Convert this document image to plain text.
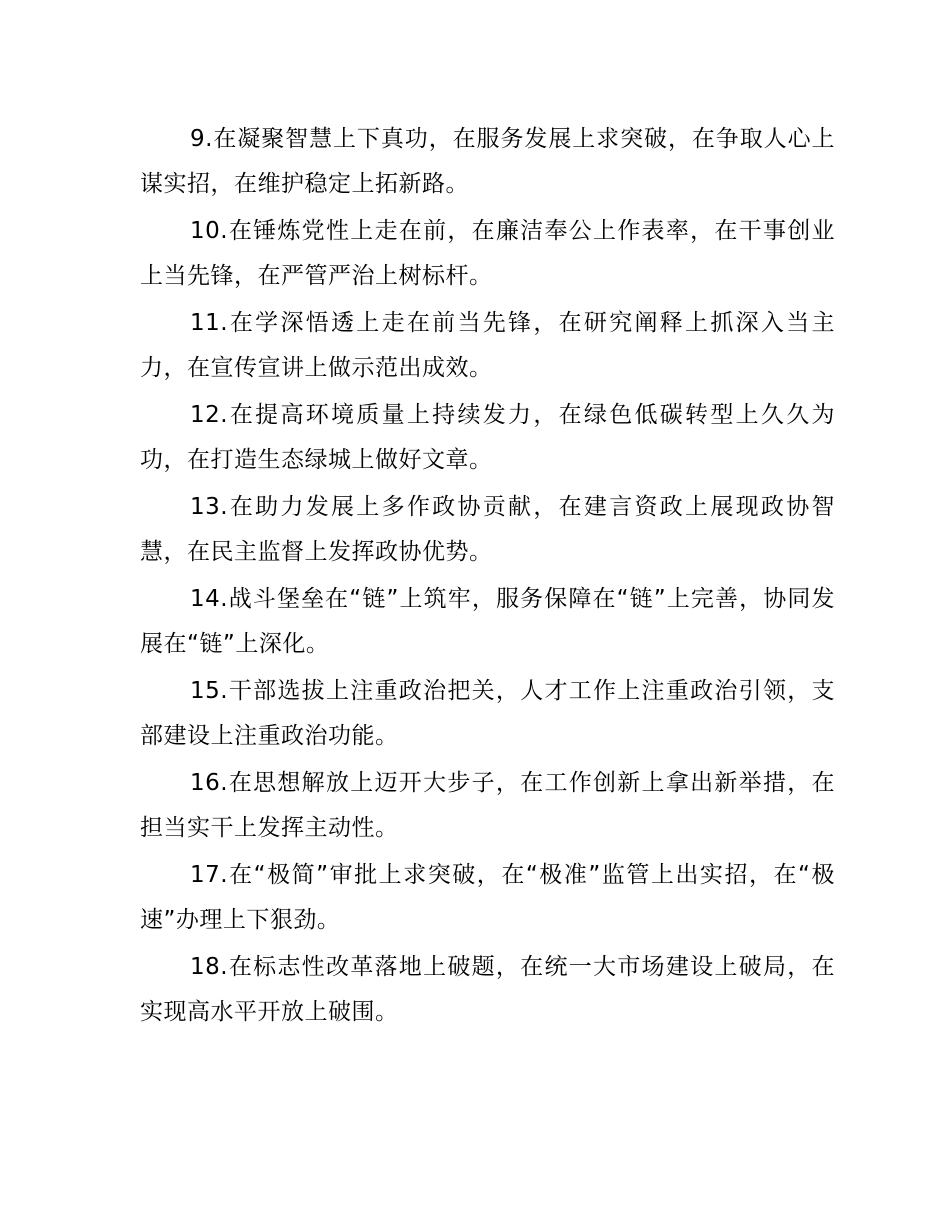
9.在凝聚智慧上下真功，在服务发展上求突破，在争取人心上谋实招，在维护稳定上拓新路。

10.在锤炼党性上走在前，在廉洁奉公上作表率，在干事创业上当先锋，在严管严治上树标杆。

11.在学深悟透上走在前当先锋，在研究阐释上抓深入当主力，在宣传宣讲上做示范出成效。

12.在提高环境质量上持续发力，在绿色低碳转型上久久为功，在打造生态绿城上做好文章。

13.在助力发展上多作政协贡献，在建言资政上展现政协智慧，在民主监督上发挥政协优势。

14.战斗堡垒在“链”上筑牢，服务保障在“链”上完善，协同发展在“链”上深化。

15.干部选拔上注重政治把关，人才工作上注重政治引领，支部建设上注重政治功能。

16.在思想解放上迈开大步子，在工作创新上拿出新举措，在担当实干上发挥主动性。

17.在“极简”审批上求突破，在“极准”监管上出实招，在“极速”办理上下狠劲。

18.在标志性改革落地上破题，在统一大市场建设上破局，在实现高水平开放上破围。
